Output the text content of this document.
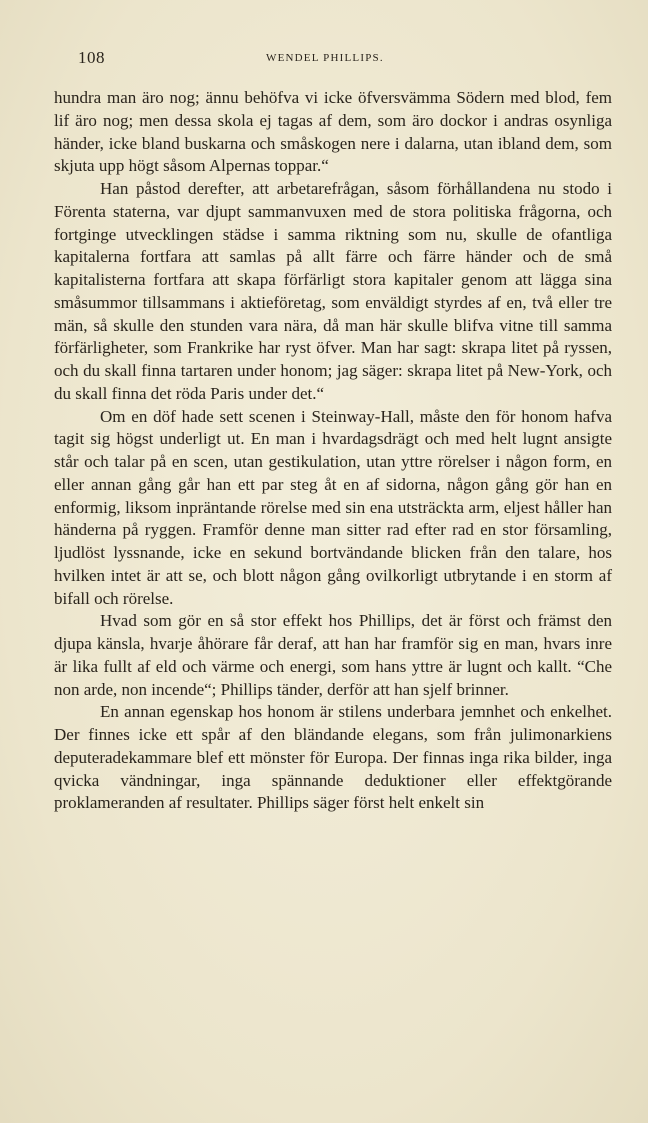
108	WENDEL PHILLIPS.

hundra man äro nog; ännu behöfva vi icke öfversvämma Södern med blod, fem lif äro nog; men dessa skola ej tagas af dem, som äro dockor i andras osynliga händer, icke bland buskarna och småskogen nere i dalarna, utan ibland dem, som skjuta upp högt såsom Alpernas toppar.“

Han påstod derefter, att arbetarefrågan, såsom förhållandena nu stodo i Förenta staterna, var djupt sammanvuxen med de stora politiska frågorna, och fortginge utvecklingen städse i samma riktning som nu, skulle de ofantliga kapitalerna fortfara att samlas på allt färre och färre händer och de små kapitalisterna fortfara att skapa förfärligt stora kapitaler genom att lägga sina småsummor tillsammans i aktieföretag, som enväldigt styrdes af en, två eller tre män, så skulle den stunden vara nära, då man här skulle blifva vitne till samma förfärligheter, som Frankrike har ryst öfver. Man har sagt: skrapa litet på ryssen, och du skall finna tartaren under honom; jag säger: skrapa litet på New-York, och du skall finna det röda Paris under det.“

Om en döf hade sett scenen i Steinway-Hall, måste den för honom hafva tagit sig högst underligt ut. En man i hvardagsdrägt och med helt lugnt ansigte står och talar på en scen, utan gestikulation, utan yttre rörelser i någon form, en eller annan gång går han ett par steg åt en af sidorna, någon gång gör han en enformig, liksom inpräntande rörelse med sin ena utsträckta arm, eljest håller han händerna på ryggen. Framför denne man sitter rad efter rad en stor församling, ljudlöst lyssnande, icke en sekund bortvändande blicken från den talare, hos hvilken intet är att se, och blott någon gång ovilkorligt utbrytande i en storm af bifall och rörelse.

Hvad som gör en så stor effekt hos Phillips, det är först och främst den djupa känsla, hvarje åhörare får deraf, att han har framför sig en man, hvars inre är lika fullt af eld och värme och energi, som hans yttre är lugnt och kallt. “Che non arde, non incende“; Phillips tänder, derför att han sjelf brinner.

En annan egenskap hos honom är stilens underbara jemnhet och enkelhet. Der finnes icke ett spår af den bländande elegans, som från julimonarkiens deputeradekammare blef ett mönster för Europa. Der finnas inga rika bilder, inga qvicka vändningar, inga spännande deduktioner eller effektgörande proklameranden af resultater. Phillips säger först helt enkelt sin
